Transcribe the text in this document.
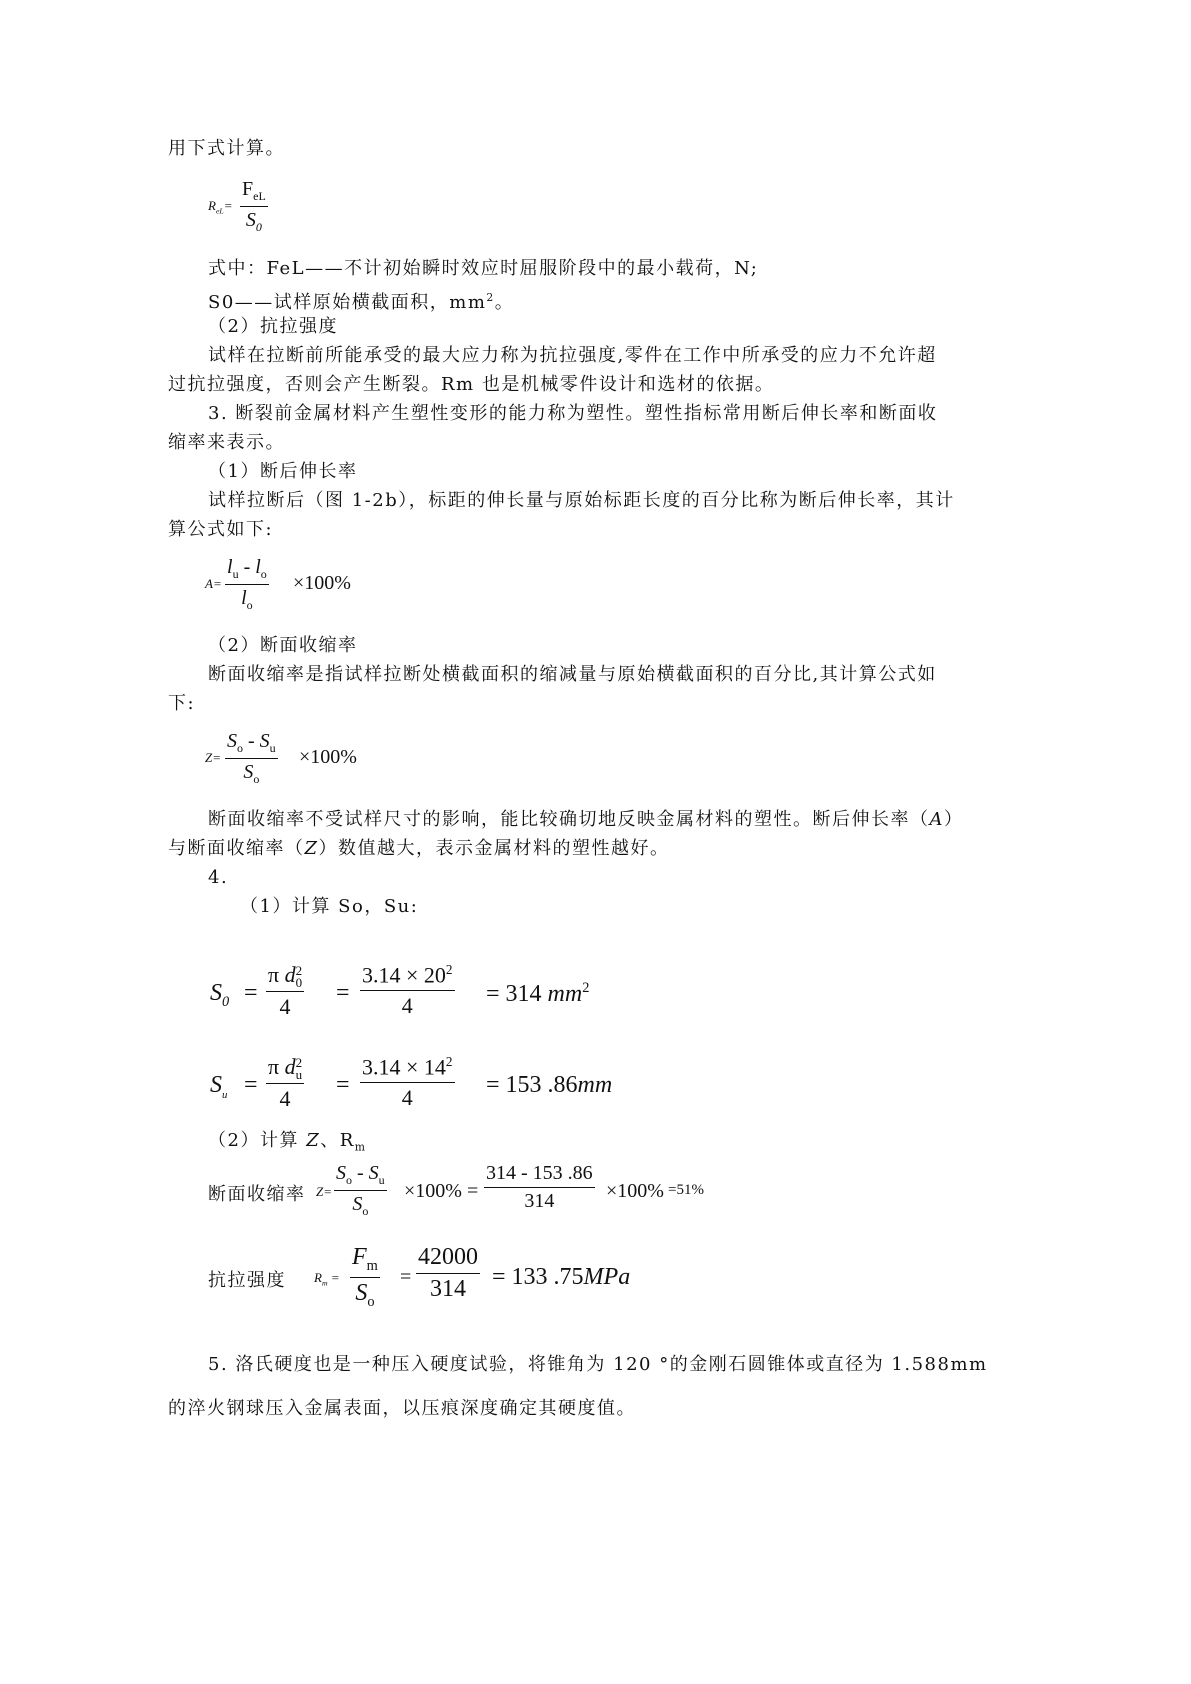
用下式计算。
$R_{eL}=$
$F_{eL}$
$S_0$
式中：FeL——不计初始瞬时效应时屈服阶段中的最小载荷，N;
S0——试样原始横截面积，$mm^2$。
（2）抗拉强度
试样在拉断前所能承受的最大应力称为抗拉强度,零件在工作中所承受的应力不允许超
过抗拉强度，否则会产生断裂。Rm 也是机械零件设计和选材的依据。
3. 断裂前金属材料产生塑性变形的能力称为塑性。塑性指标常用断后伸长率和断面收
缩率来表示。
（1）断后伸长率
试样拉断后（图 1-2b），标距的伸长量与原始标距长度的百分比称为断后伸长率，其计
算公式如下:
A=
$l_u - l_o$
$l_o$
×100%
（2）断面收缩率
断面收缩率是指试样拉断处横截面积的缩减量与原始横截面积的百分比,其计算公式如
下:
Z=
$S_o - S_u$
$S_o$
×100%
断面收缩率不受试样尺寸的影响，能比较确切地反映金属材料的塑性。断后伸长率（A）
与断面收缩率（Z）数值越大，表示金属材料的塑性越好。
4.
（1）计算 So，Su:
$S_0$ =
π d 2
0
4
=
$3.14 \times 20^2$
4	= 314 $mm^2$
$S_u$ =
π d 2
u
4
=
$3.14 \times 14^2$
4	= 153 .86mm
（2）计算 Z、$R_m$
断面收缩率 Z=
$S_o - S_u$
$S_o$
×100% =
314 - 153 .86
314	×100% =51%
抗拉强度 $R_m$ =
$F_m$
$S_o$
=
42000
314 = 133 .75MPa
5. 洛氏硬度也是一种压入硬度试验，将锥角为 120 °的金刚石圆锥体或直径为 1.588mm
的淬火钢球压入金属表面，以压痕深度确定其硬度值。
